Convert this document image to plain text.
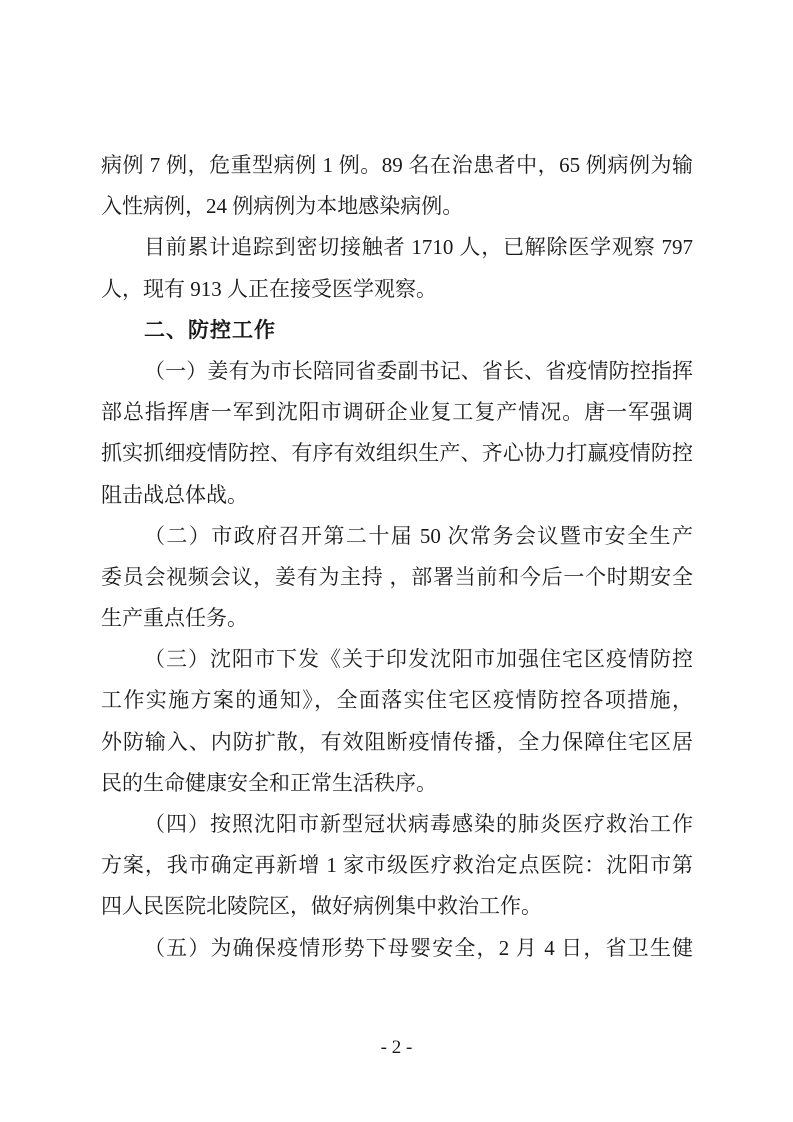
病例 7 例，危重型病例 1 例。89 名在治患者中，65 例病例为输
入性病例，24 例病例为本地感染病例。
目前累计追踪到密切接触者 1710 人，已解除医学观察 797
人，现有 913 人正在接受医学观察。
二、防控工作
（一）姜有为市长陪同省委副书记、省长、省疫情防控指挥
部总指挥唐一军到沈阳市调研企业复工复产情况。唐一军强调
抓实抓细疫情防控、有序有效组织生产、齐心协力打赢疫情防控
阻击战总体战。
（二）市政府召开第二十届 50 次常务会议暨市安全生产
委员会视频会议，姜有为主持 ，部署当前和今后一个时期安全
生产重点任务。
（三）沈阳市下发《关于印发沈阳市加强住宅区疫情防控
工作实施方案的通知》，全面落实住宅区疫情防控各项措施，
外防输入、内防扩散，有效阻断疫情传播，全力保障住宅区居
民的生命健康安全和正常生活秩序。
（四）按照沈阳市新型冠状病毒感染的肺炎医疗救治工作
方案，我市确定再新增 1 家市级医疗救治定点医院：沈阳市第
四人民医院北陵院区，做好病例集中救治工作。
（五）为确保疫情形势下母婴安全，2 月 4 日，省卫生健
- 2 -
